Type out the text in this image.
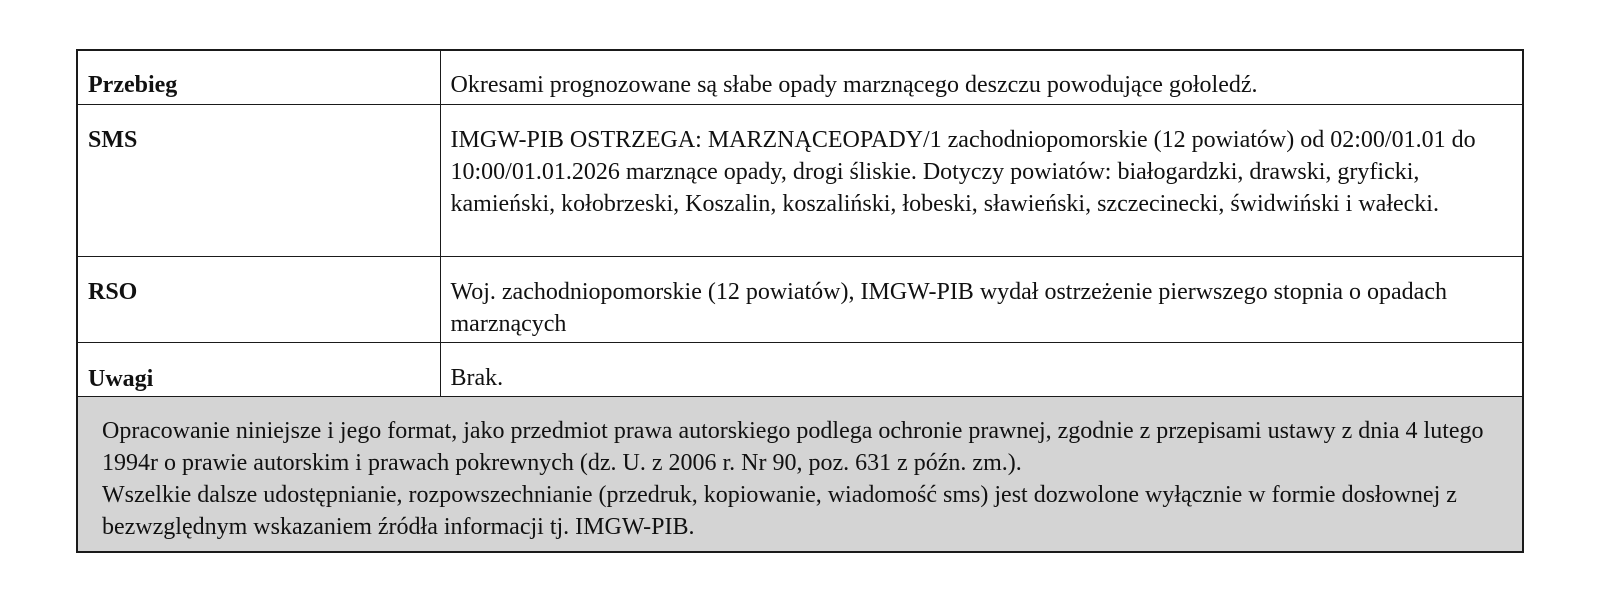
Przebieg	Okresami prognozowane są słabe opady marznącego deszczu powodujące gołoledź.
SMS	IMGW-PIB OSTRZEGA: MARZNĄCEOPADY/1 zachodniopomorskie (12 powiatów) od 02:00/01.01 do 10:00/01.01.2026 marznące opady, drogi śliskie. Dotyczy powiatów: białogardzki, drawski, gryficki, kamieński, kołobrzeski, Koszalin, koszaliński, łobeski, sławieński, szczecinecki, świdwiński i wałecki.
RSO	Woj. zachodniopomorskie (12 powiatów), IMGW-PIB wydał ostrzeżenie pierwszego stopnia o opadach marznących
Uwagi	Brak.

Opracowanie niniejsze i jego format, jako przedmiot prawa autorskiego podlega ochronie prawnej, zgodnie z przepisami ustawy z dnia 4 lutego 1994r o prawie autorskim i prawach pokrewnych (dz. U. z 2006 r. Nr 90, poz. 631 z późn. zm.).
Wszelkie dalsze udostępnianie, rozpowszechnianie (przedruk, kopiowanie, wiadomość sms) jest dozwolone wyłącznie w formie dosłownej z bezwzględnym wskazaniem źródła informacji tj. IMGW-PIB.	
